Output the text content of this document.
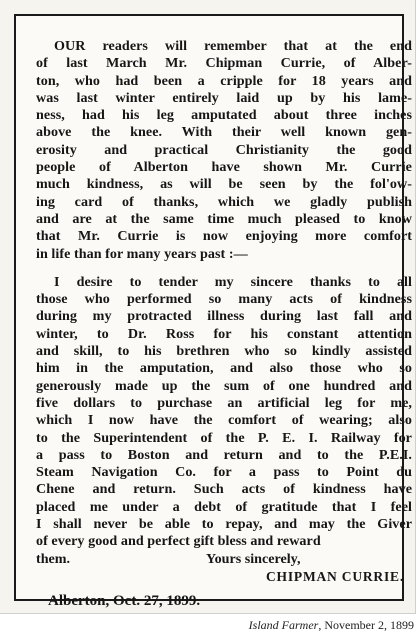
OUR readers will remember that at the end
of last March Mr. Chipman Currie, of Alber-
ton, who had been a cripple for 18 years and
was last winter entirely laid up by his lame-
ness, had his leg amputated about three inches
above the knee. With their well known gen-
erosity and practical Christianity the good
people of Alberton have shown Mr. Currie
much kindness, as will be seen by the fol'ow-
ing card of thanks, which we gladly publish
and are at the same time much pleased to know
that Mr. Currie is now enjoying more comfort
in life than for many years past :—

I desire to tender my sincere thanks to all
those who performed so many acts of kindness
during my protracted illness during last fall and
winter, to Dr. Ross for his constant attention
and skill, to his brethren who so kindly assisted
him in the amputation, and also those who so
generously made up the sum of one hundred and
five dollars to purchase an artificial leg for me,
which I now have the comfort of wearing; also
to the Superintendent of the P. E. I. Railway for
a pass to Boston and return and to the P.E.I.
Steam Navigation Co. for a pass to Point du
Chene and return. Such acts of kindness have
placed me under a debt of gratitude that I feel
I shall never be able to repay, and may the Giver
of every good and perfect gift bless and reward

them.	Yours sincerely,
CHIPMAN CURRIE.
Alberton, Oct. 27, 1899.
Island Farmer, November 2, 1899
